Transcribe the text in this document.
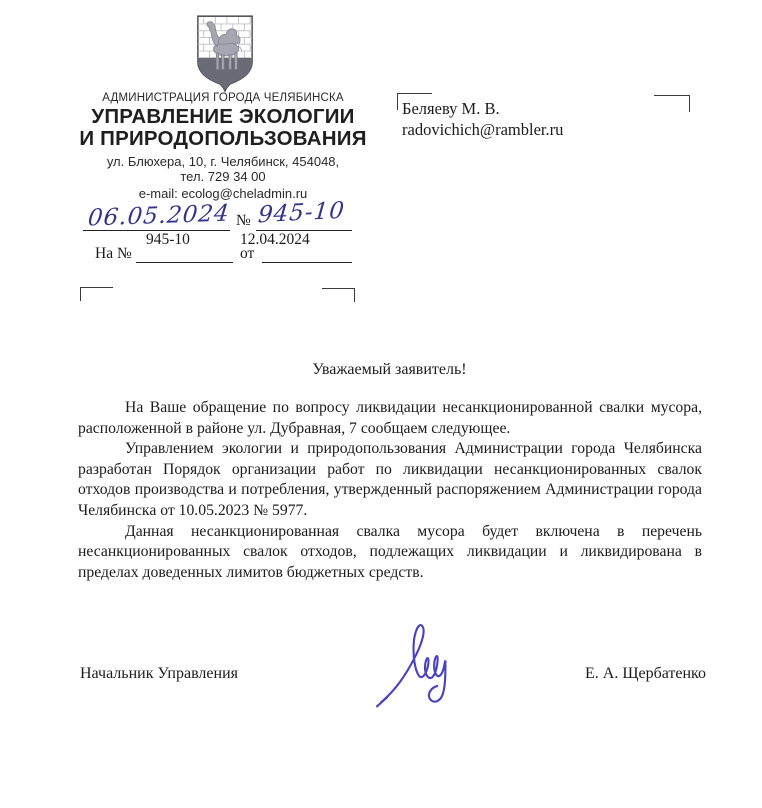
АДМИНИСТРАЦИЯ ГОРОДА ЧЕЛЯБИНСКА
УПРАВЛЕНИЕ ЭКОЛОГИИ
И ПРИРОДОПОЛЬЗОВАНИЯ
ул. Блюхера, 10, г. Челябинск, 454048,
тел. 729 34 00
e-mail: ecolog@cheladmin.ru
06.05.2024 № 945-10
945-10	12.04.2024
На №	от
Беляеву М. В.
radovichich@rambler.ru
Уважаемый заявитель!

На Ваше обращение по вопросу ликвидации несанкционированной свалки мусора, расположенной в районе ул. Дубравная, 7 сообщаем следующее.

Управлением экологии и природопользования Администрации города Челябинска разработан Порядок организации работ по ликвидации несанкционированных свалок отходов производства и потребления, утвержденный распоряжением Администрации города Челябинска от 10.05.2023 № 5977.

Данная несанкционированная свалка мусора будет включена в перечень несанкционированных свалок отходов, подлежащих ликвидации и ликвидирована в пределах доведенных лимитов бюджетных средств.

Начальник Управления	Е. А. Щербатенко
